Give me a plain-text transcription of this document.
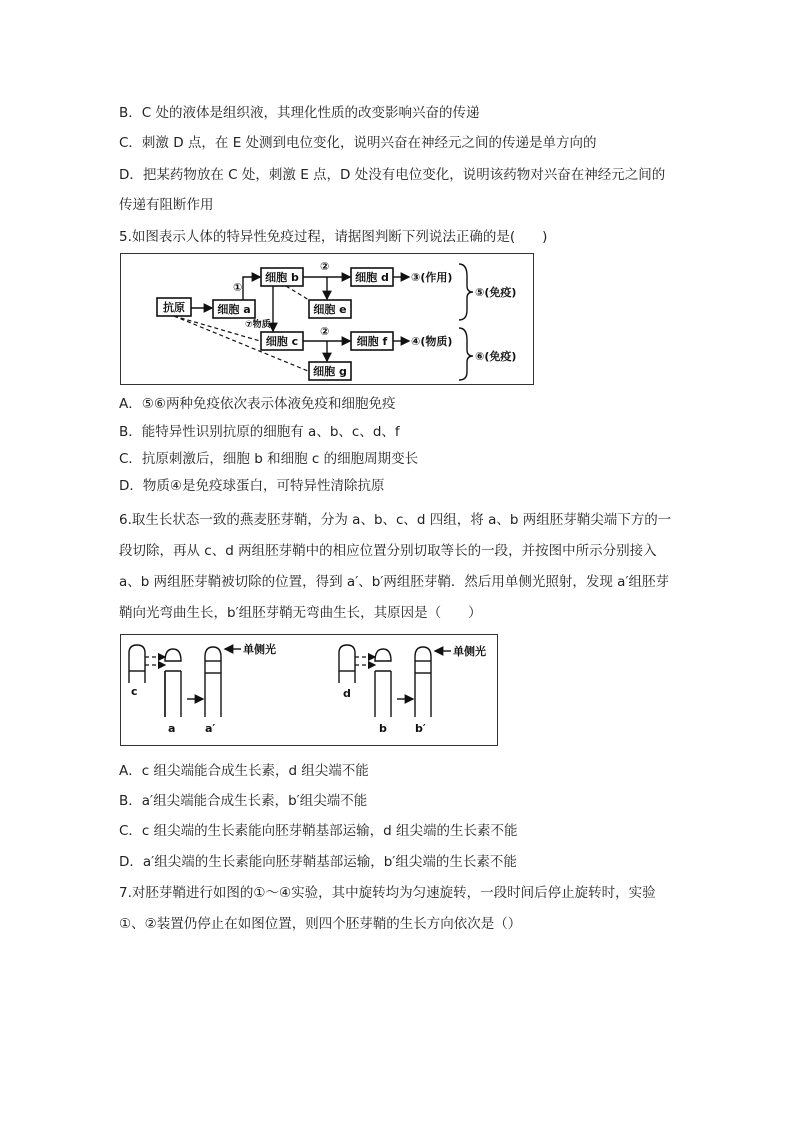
B．C 处的液体是组织液，其理化性质的改变影响兴奋的传递
C．刺激 D 点，在 E 处测到电位变化，说明兴奋在神经元之间的传递是单方向的
D．把某药物放在 C 处，刺激 E 点，D 处没有电位变化，说明该药物对兴奋在神经元之间的
传递有阻断作用
5.如图表示人体的特异性免疫过程，请据图判断下列说法正确的是(　　)
抗原	细胞 a
细胞 b	细胞 d
细胞 e
细胞 c	细胞 f
细胞 g
①
②
③(作用)
⑦物质	②
④(物质)
⑤(免疫)
⑥(免疫)
A．⑤⑥两种免疫依次表示体液免疫和细胞免疫
B．能特异性识别抗原的细胞有 a、b、c、d、f
C．抗原刺激后，细胞 b 和细胞 c 的细胞周期变长
D．物质④是免疫球蛋白，可特异性清除抗原
6.取生长状态一致的燕麦胚芽鞘，分为 a、b、c、d 四组，将 a、b 两组胚芽鞘尖端下方的一
段切除，再从 c、d 两组胚芽鞘中的相应位置分别切取等长的一段，并按图中所示分别接入
a、b 两组胚芽鞘被切除的位置，得到 a′、b′两组胚芽鞘．然后用单侧光照射，发现 a′组胚芽
鞘向光弯曲生长，b′组胚芽鞘无弯曲生长，其原因是（　　）
c
a	a′
单侧光
d
b	b′
单侧光
A．c 组尖端能合成生长素，d 组尖端不能
B．a′组尖端能合成生长素，b′组尖端不能
C．c 组尖端的生长素能向胚芽鞘基部运输，d 组尖端的生长素不能
D．a′组尖端的生长素能向胚芽鞘基部运输，b′组尖端的生长素不能
7.对胚芽鞘进行如图的①～④实验，其中旋转均为匀速旋转，一段时间后停止旋转时，实验
①、②装置仍停止在如图位置，则四个胚芽鞘的生长方向依次是（）
